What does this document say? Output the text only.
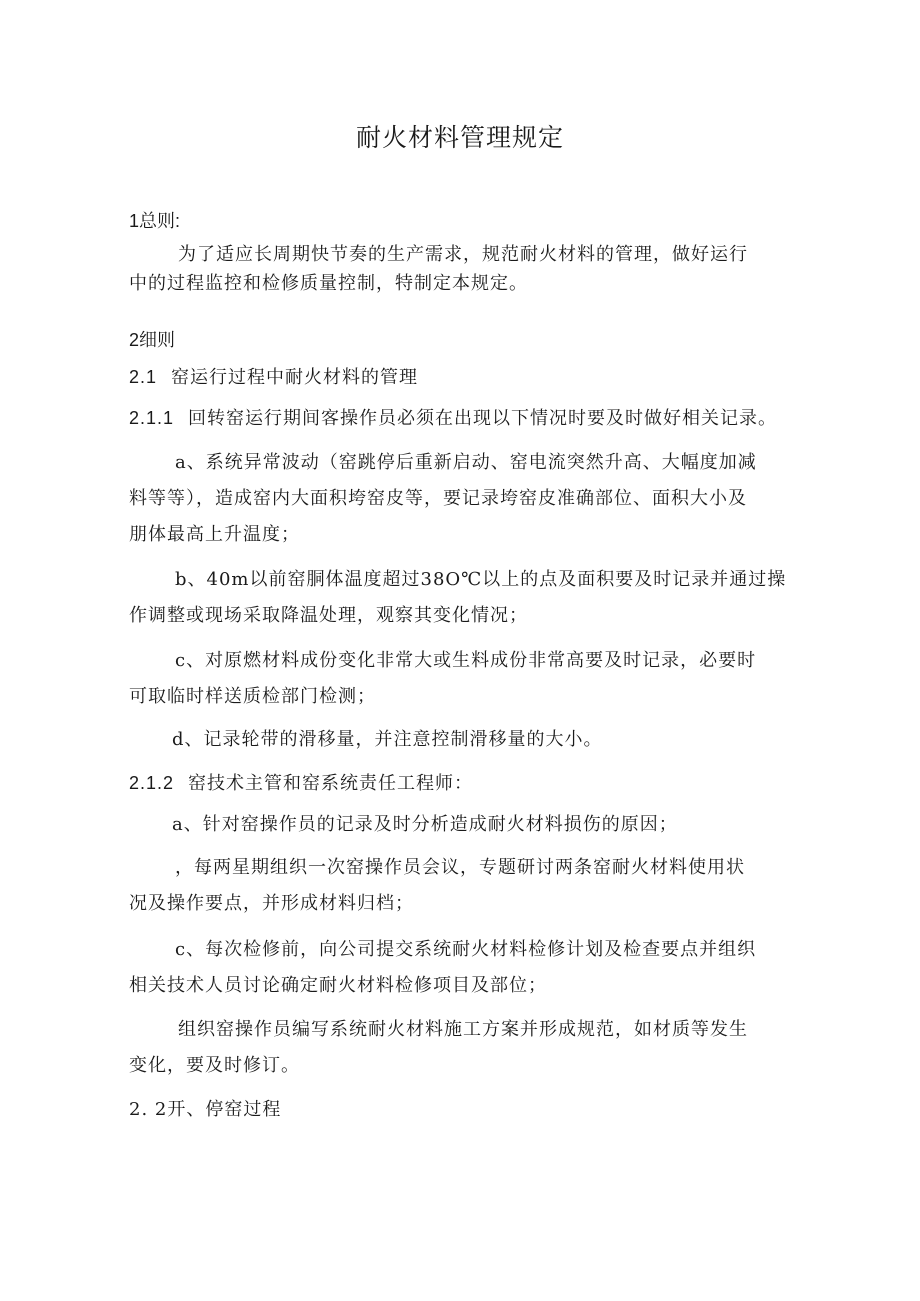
耐火材料管理规定
1总则:
为了适应长周期快节奏的生产需求，规范耐火材料的管理，做好运行
中的过程监控和检修质量控制，特制定本规定。
2细则
2.1 窑运行过程中耐火材料的管理
2.1.1 回转窑运行期间客操作员必须在出现以下情况时要及时做好相关记录。
a、系统异常波动（窑跳停后重新启动、窑电流突然升高、大幅度加减
料等等），造成窑内大面积垮窑皮等，要记录垮窑皮准确部位、面积大小及
朋体最高上升温度；
b、40m以前窑胴体温度超过38O℃以上的点及面积要及时记录并通过操
作调整或现场采取降温处理，观察其变化情况；
c、对原燃材料成份变化非常大或生料成份非常高要及时记录，必要时
可取临时样送质检部门检测；
d、记录轮带的滑移量，并注意控制滑移量的大小。
2.1.2 窑技术主管和窑系统责任工程师：
a、针对窑操作员的记录及时分析造成耐火材料损伤的原因；
，每两星期组织一次窑操作员会议，专题研讨两条窑耐火材料使用状
况及操作要点，并形成材料归档；
c、每次检修前，向公司提交系统耐火材料检修计划及检查要点并组织
相关技术人员讨论确定耐火材料检修项目及部位；
组织窑操作员编写系统耐火材料施工方案并形成规范，如材质等发生
变化，要及时修订。
2. 2开、停窑过程
